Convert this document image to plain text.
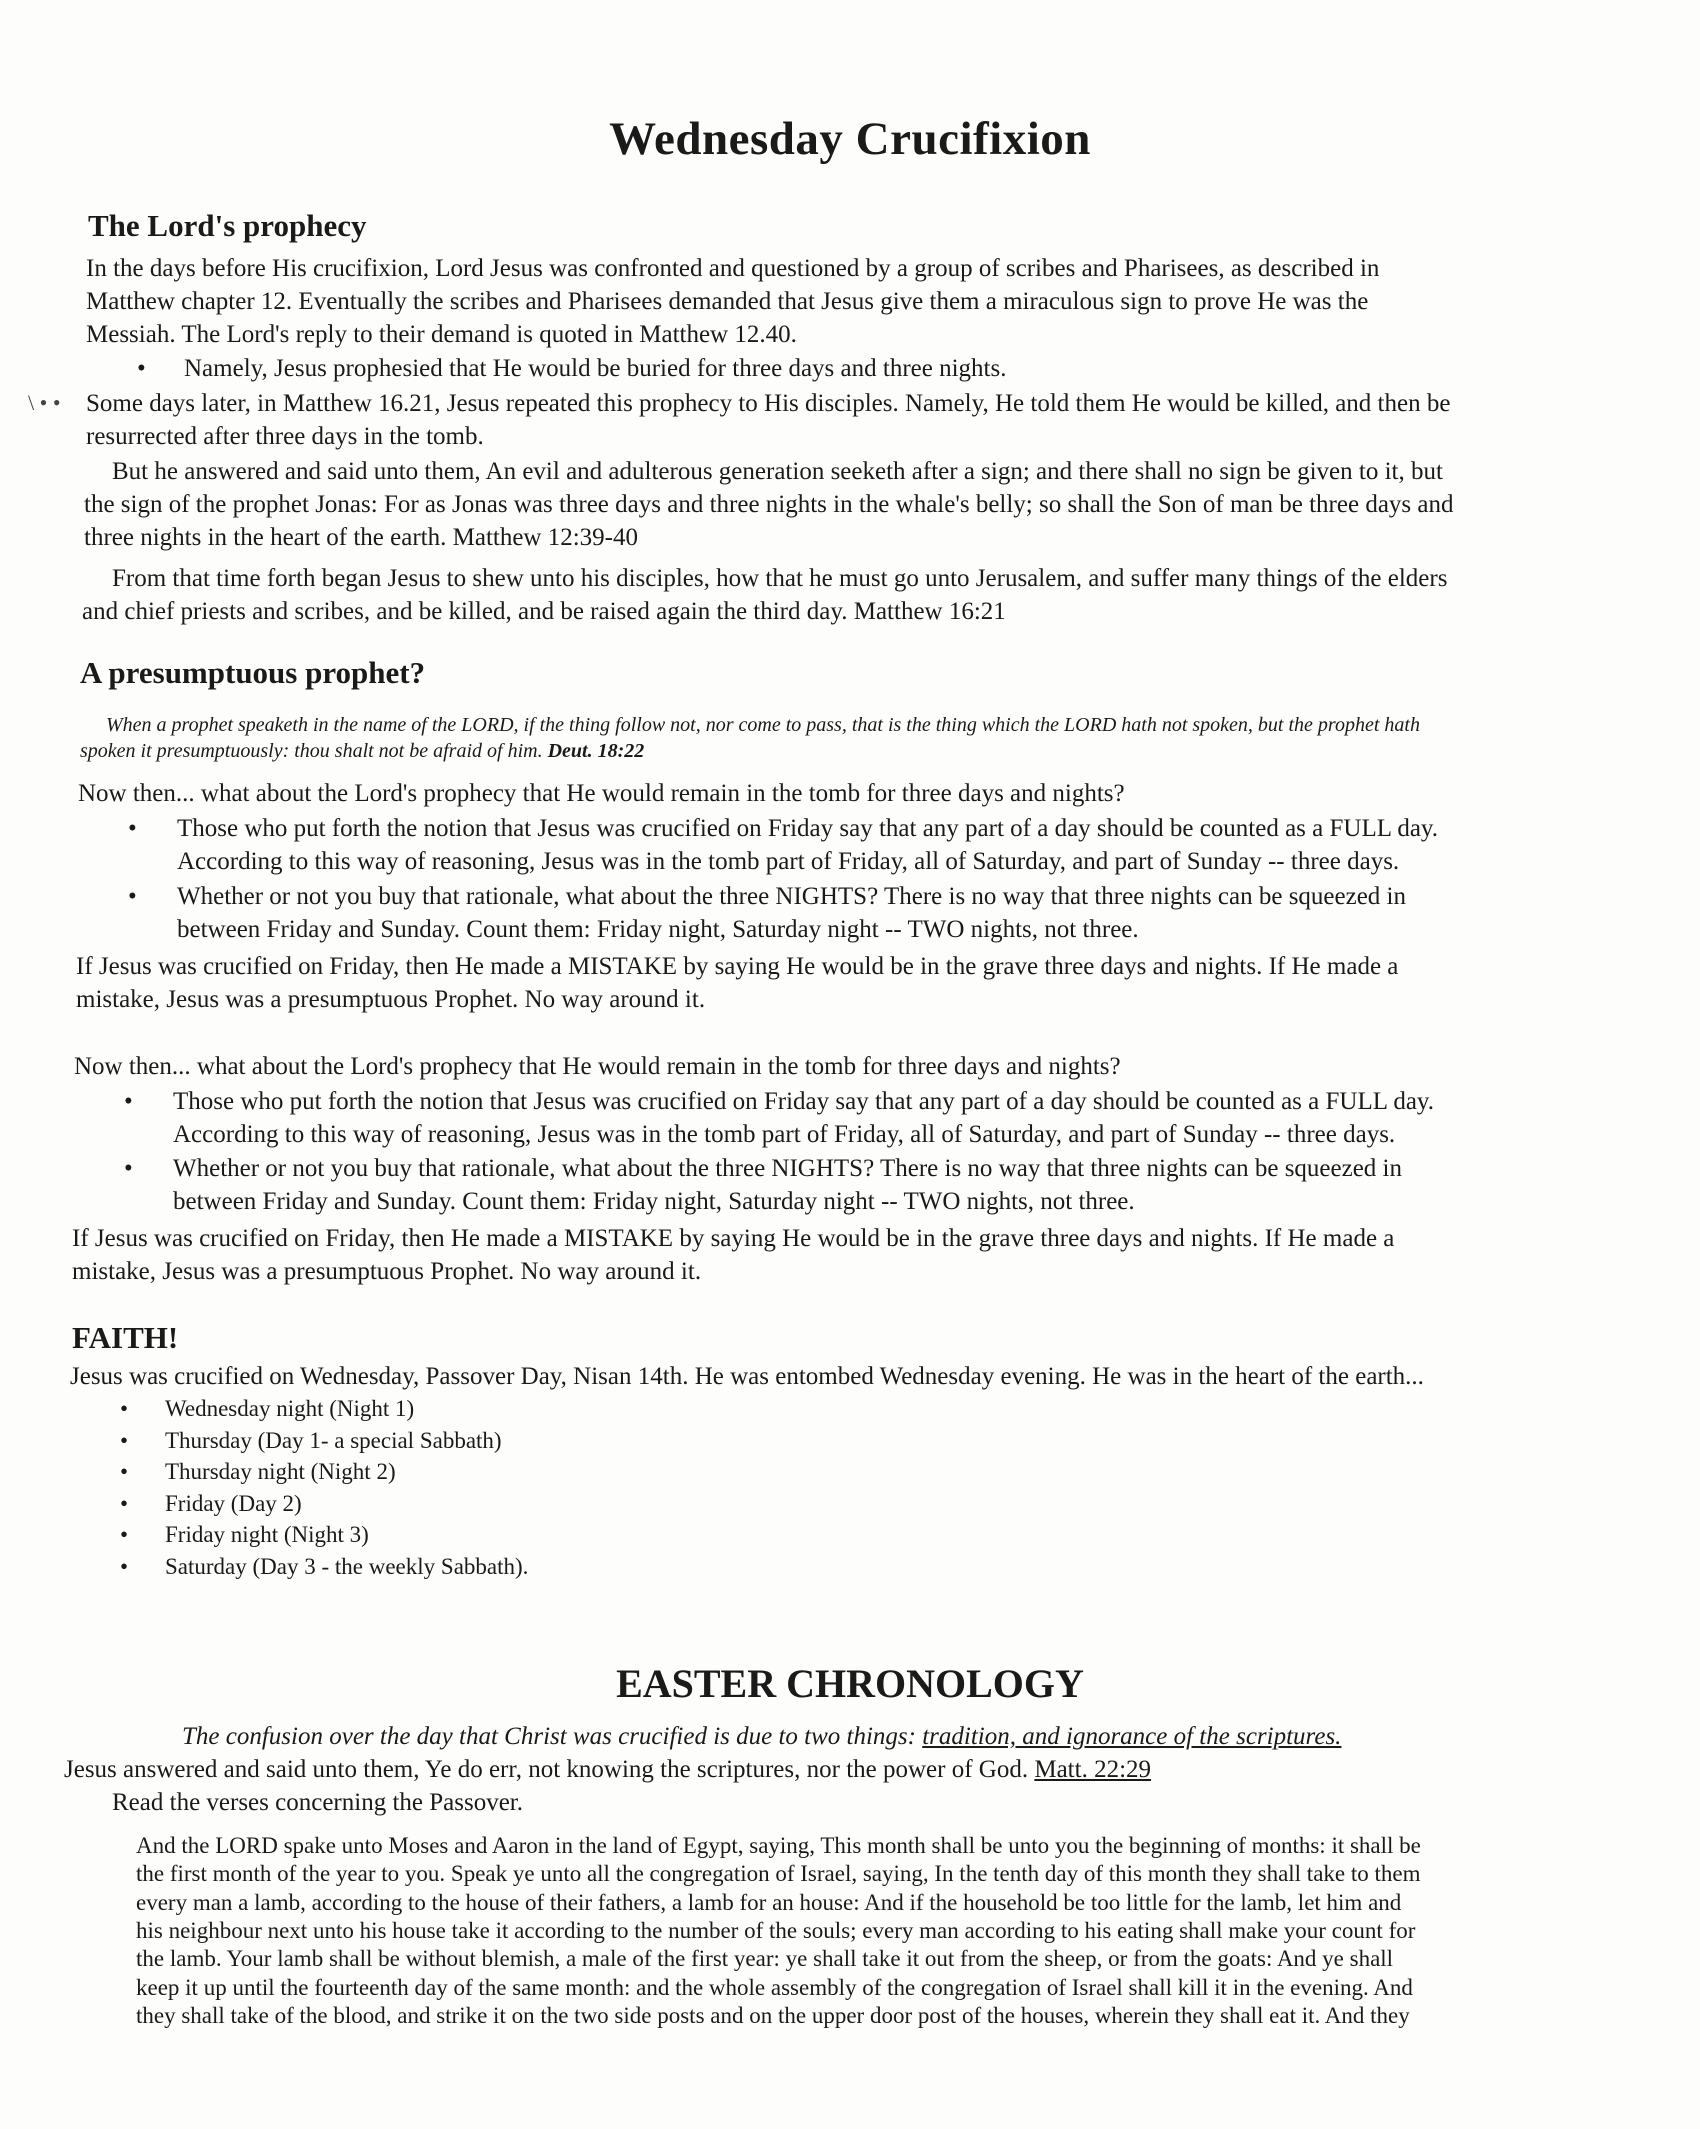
Wednesday Crucifixion
The Lord's prophecy
In the days before His crucifixion, Lord Jesus was confronted and questioned by a group of scribes and Pharisees, as described in
Matthew chapter 12. Eventually the scribes and Pharisees demanded that Jesus give them a miraculous sign to prove He was the
Messiah. The Lord's reply to their demand is quoted in Matthew 12.40.
• Namely, Jesus prophesied that He would be buried for three days and three nights.
\ • • Some days later, in Matthew 16.21, Jesus repeated this prophecy to His disciples. Namely, He told them He would be killed, and then be
resurrected after three days in the tomb.
But he answered and said unto them, An evil and adulterous generation seeketh after a sign; and there shall no sign be given to it, but
the sign of the prophet Jonas: For as Jonas was three days and three nights in the whale's belly; so shall the Son of man be three days and
three nights in the heart of the earth. Matthew 12:39-40
From that time forth began Jesus to shew unto his disciples, how that he must go unto Jerusalem, and suffer many things of the elders
and chief priests and scribes, and be killed, and be raised again the third day. Matthew 16:21
A presumptuous prophet?
When a prophet speaketh in the name of the LORD, if the thing follow not, nor come to pass, that is the thing which the LORD hath not spoken, but the prophet hath
spoken it presumptuously: thou shalt not be afraid of him. Deut. 18:22
Now then... what about the Lord's prophecy that He would remain in the tomb for three days and nights?
• Those who put forth the notion that Jesus was crucified on Friday say that any part of a day should be counted as a FULL day.
According to this way of reasoning, Jesus was in the tomb part of Friday, all of Saturday, and part of Sunday -- three days.
• Whether or not you buy that rationale, what about the three NIGHTS? There is no way that three nights can be squeezed in
between Friday and Sunday. Count them: Friday night, Saturday night -- TWO nights, not three.
If Jesus was crucified on Friday, then He made a MISTAKE by saying He would be in the grave three days and nights. If He made a
mistake, Jesus was a presumptuous Prophet. No way around it.
Now then... what about the Lord's prophecy that He would remain in the tomb for three days and nights?
• Those who put forth the notion that Jesus was crucified on Friday say that any part of a day should be counted as a FULL day.
According to this way of reasoning, Jesus was in the tomb part of Friday, all of Saturday, and part of Sunday -- three days.
• Whether or not you buy that rationale, what about the three NIGHTS? There is no way that three nights can be squeezed in
between Friday and Sunday. Count them: Friday night, Saturday night -- TWO nights, not three.
If Jesus was crucified on Friday, then He made a MISTAKE by saying He would be in the grave three days and nights. If He made a
mistake, Jesus was a presumptuous Prophet. No way around it.
FAITH!
Jesus was crucified on Wednesday, Passover Day, Nisan 14th. He was entombed Wednesday evening. He was in the heart of the earth...
• Wednesday night (Night 1)
• Thursday (Day 1- a special Sabbath)
• Thursday night (Night 2)
• Friday (Day 2)
• Friday night (Night 3)
• Saturday (Day 3 - the weekly Sabbath).
EASTER CHRONOLOGY
The confusion over the day that Christ was crucified is due to two things: tradition, and ignorance of the scriptures.
Jesus answered and said unto them, Ye do err, not knowing the scriptures, nor the power of God. Matt. 22:29
Read the verses concerning the Passover.
And the LORD spake unto Moses and Aaron in the land of Egypt, saying, This month shall be unto you the beginning of months: it shall be
the first month of the year to you. Speak ye unto all the congregation of Israel, saying, In the tenth day of this month they shall take to them
every man a lamb, according to the house of their fathers, a lamb for an house: And if the household be too little for the lamb, let him and
his neighbour next unto his house take it according to the number of the souls; every man according to his eating shall make your count for
the lamb. Your lamb shall be without blemish, a male of the first year: ye shall take it out from the sheep, or from the goats: And ye shall
keep it up until the fourteenth day of the same month: and the whole assembly of the congregation of Israel shall kill it in the evening. And
they shall take of the blood, and strike it on the two side posts and on the upper door post of the houses, wherein they shall eat it. And they
